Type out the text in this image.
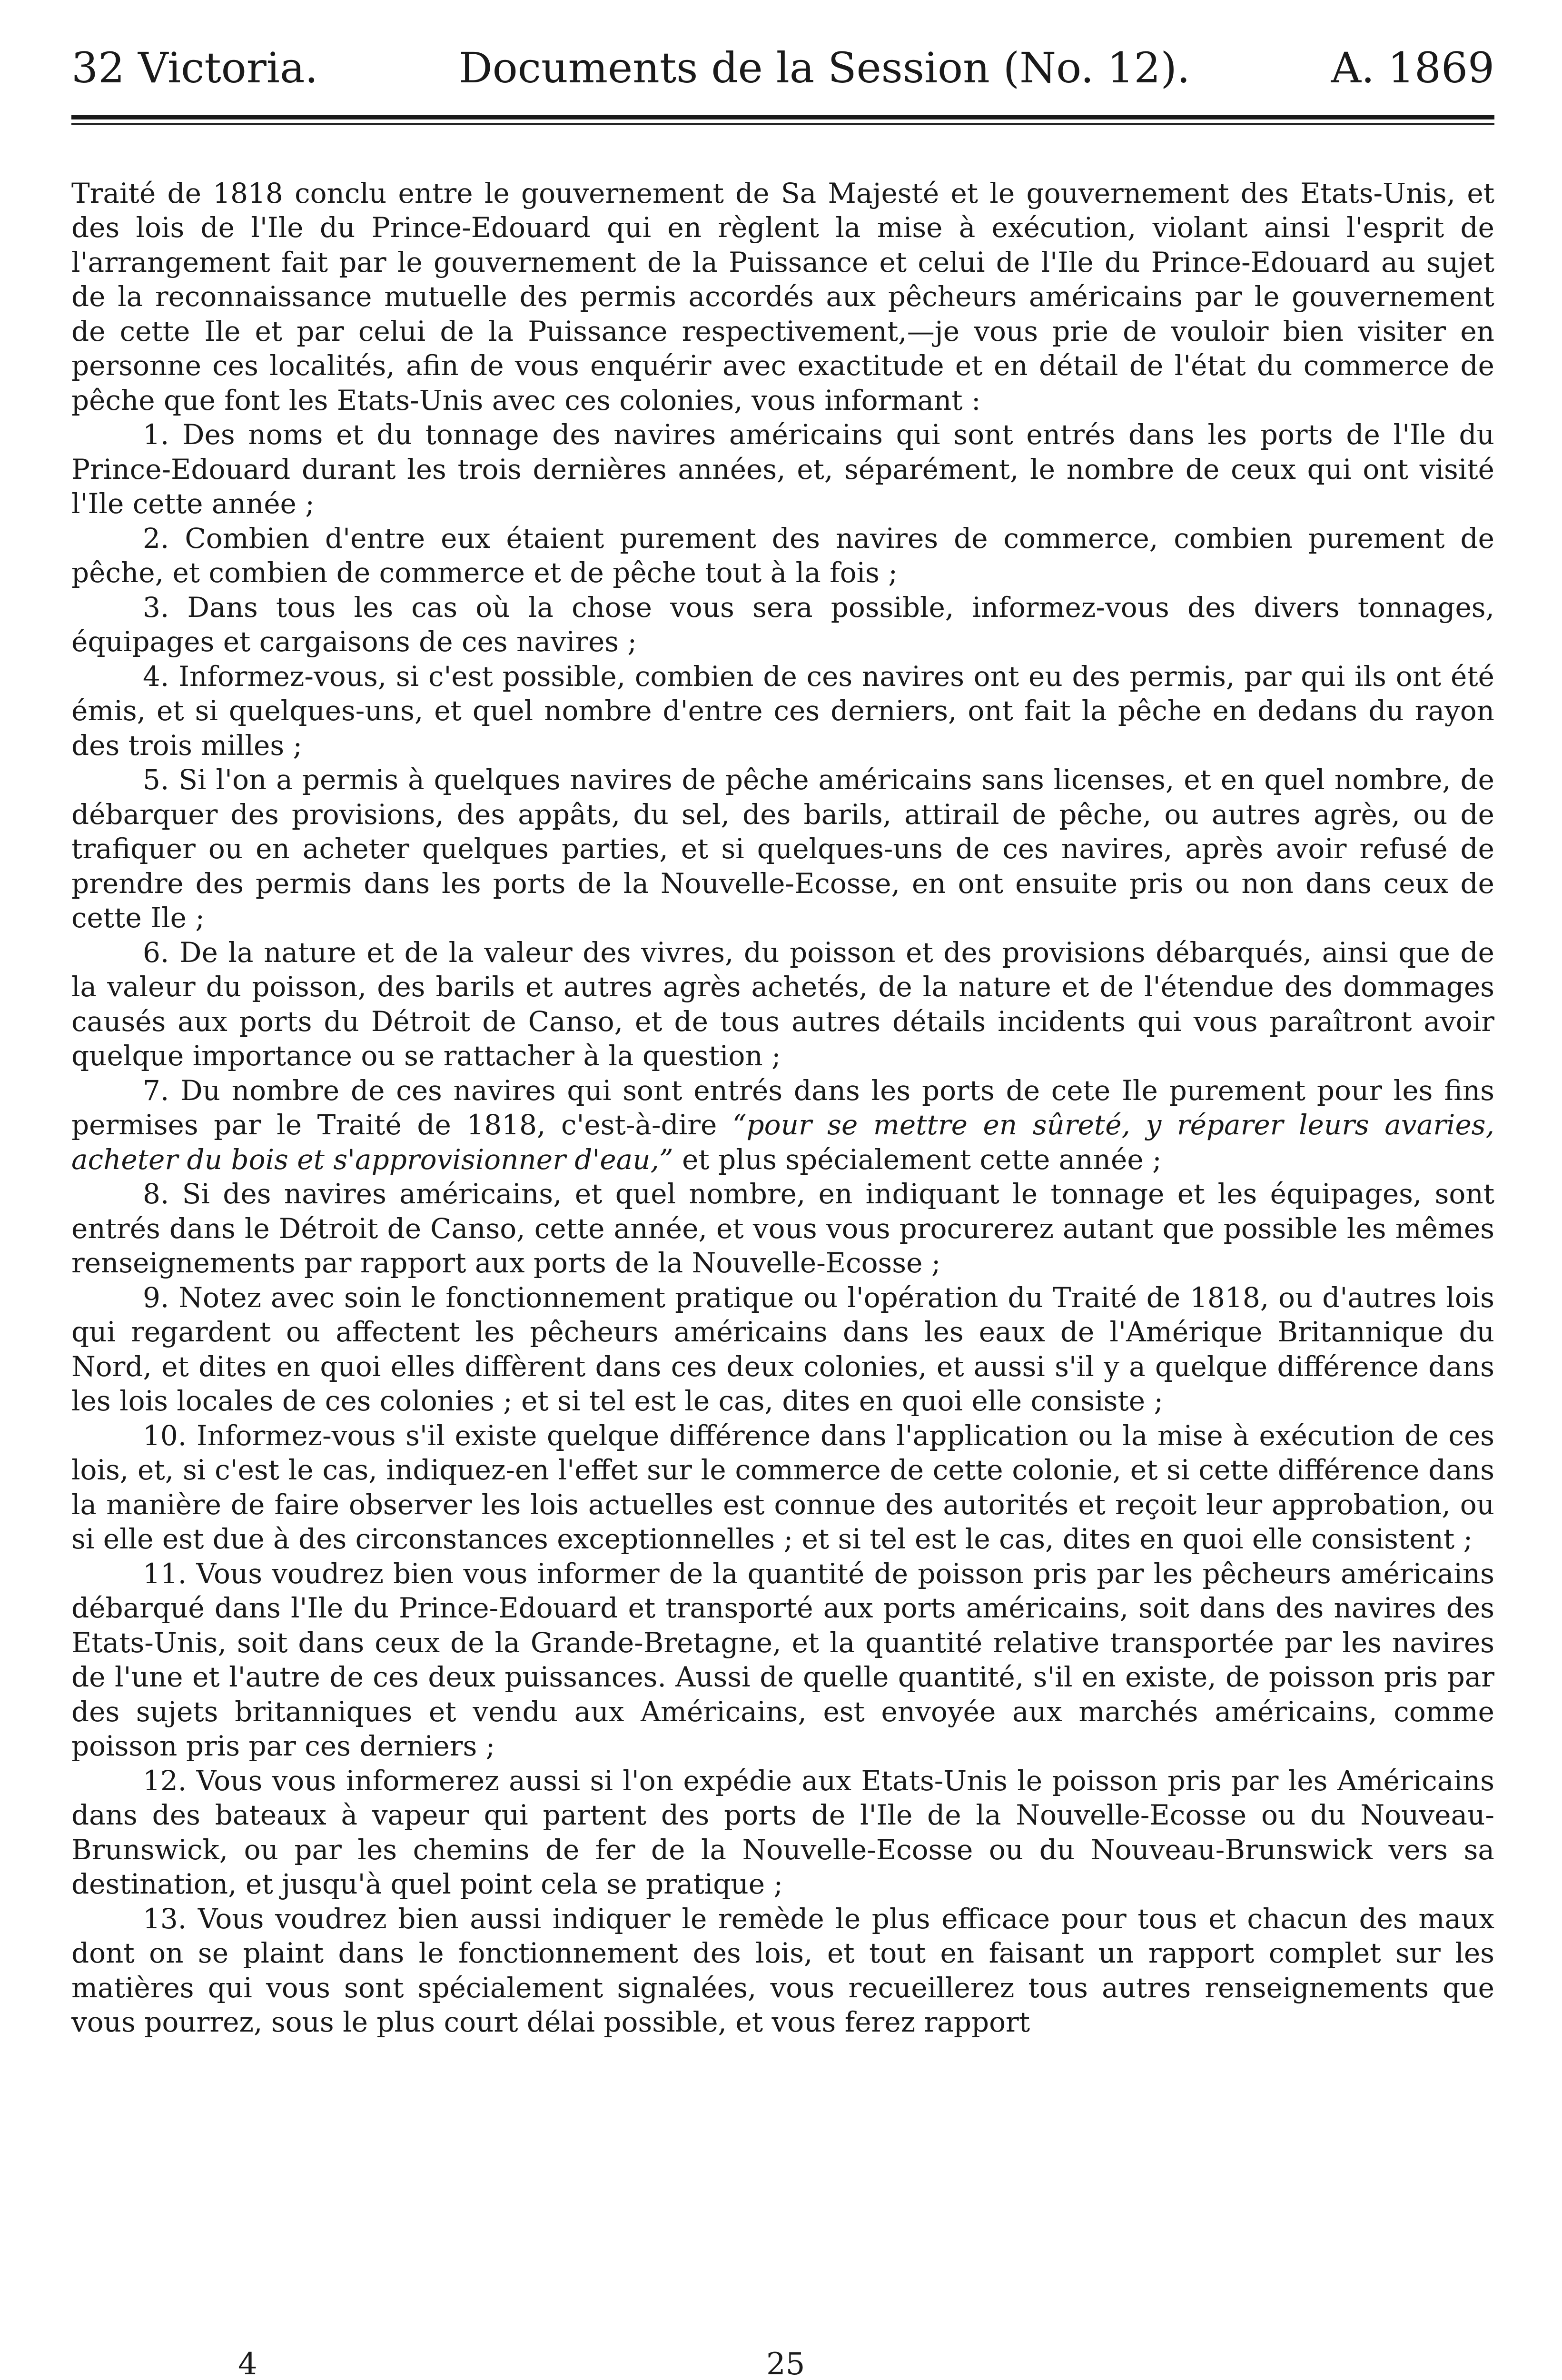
32 Victoria.	Documents de la Session (No. 12).	A. 1869

Traité de 1818 conclu entre le gouvernement de Sa Majesté et le gouvernement des Etats-Unis, et des lois de l'Ile du Prince-Edouard qui en règlent la mise à exécution, violant ainsi l'esprit de l'arrangement fait par le gouvernement de la Puissance et celui de l'Ile du Prince-Edouard au sujet de la reconnaissance mutuelle des permis accordés aux pêcheurs américains par le gouvernement de cette Ile et par celui de la Puissance respectivement,—je vous prie de vouloir bien visiter en personne ces localités, afin de vous enquérir avec exactitude et en détail de l'état du commerce de pêche que font les Etats-Unis avec ces colonies, vous informant :

1. Des noms et du tonnage des navires américains qui sont entrés dans les ports de l'Ile du Prince-Edouard durant les trois dernières années, et, séparément, le nombre de ceux qui ont visité l'Ile cette année ;

2. Combien d'entre eux étaient purement des navires de commerce, combien purement de pêche, et combien de commerce et de pêche tout à la fois ;

3. Dans tous les cas où la chose vous sera possible, informez-vous des divers tonnages, équipages et cargaisons de ces navires ;

4. Informez-vous, si c'est possible, combien de ces navires ont eu des permis, par qui ils ont été émis, et si quelques-uns, et quel nombre d'entre ces derniers, ont fait la pêche en dedans du rayon des trois milles ;

5. Si l'on a permis à quelques navires de pêche américains sans licenses, et en quel nombre, de débarquer des provisions, des appâts, du sel, des barils, attirail de pêche, ou autres agrès, ou de trafiquer ou en acheter quelques parties, et si quelques-uns de ces navires, après avoir refusé de prendre des permis dans les ports de la Nouvelle-Ecosse, en ont ensuite pris ou non dans ceux de cette Ile ;

6. De la nature et de la valeur des vivres, du poisson et des provisions débarqués, ainsi que de la valeur du poisson, des barils et autres agrès achetés, de la nature et de l'étendue des dommages causés aux ports du Détroit de Canso, et de tous autres détails incidents qui vous paraîtront avoir quelque importance ou se rattacher à la question ;

7. Du nombre de ces navires qui sont entrés dans les ports de cete Ile purement pour les fins permises par le Traité de 1818, c'est-à-dire “pour se mettre en sûreté, y réparer leurs avaries, acheter du bois et s'approvisionner d'eau,” et plus spécialement cette année ;

8. Si des navires américains, et quel nombre, en indiquant le tonnage et les équipages, sont entrés dans le Détroit de Canso, cette année, et vous vous procurerez autant que possible les mêmes renseignements par rapport aux ports de la Nouvelle-Ecosse ;

9. Notez avec soin le fonctionnement pratique ou l'opération du Traité de 1818, ou d'autres lois qui regardent ou affectent les pêcheurs américains dans les eaux de l'Amérique Britannique du Nord, et dites en quoi elles diffèrent dans ces deux colonies, et aussi s'il y a quelque différence dans les lois locales de ces colonies ; et si tel est le cas, dites en quoi elle consiste ;

10. Informez-vous s'il existe quelque différence dans l'application ou la mise à exécution de ces lois, et, si c'est le cas, indiquez-en l'effet sur le commerce de cette colonie, et si cette différence dans la manière de faire observer les lois actuelles est connue des autorités et reçoit leur approbation, ou si elle est due à des circonstances exceptionnelles ; et si tel est le cas, dites en quoi elle consistent ;

11. Vous voudrez bien vous informer de la quantité de poisson pris par les pêcheurs américains débarqué dans l'Ile du Prince-Edouard et transporté aux ports américains, soit dans des navires des Etats-Unis, soit dans ceux de la Grande-Bretagne, et la quantité relative transportée par les navires de l'une et l'autre de ces deux puissances. Aussi de quelle quantité, s'il en existe, de poisson pris par des sujets britanniques et vendu aux Américains, est envoyée aux marchés américains, comme poisson pris par ces derniers ;

12. Vous vous informerez aussi si l'on expédie aux Etats-Unis le poisson pris par les Américains dans des bateaux à vapeur qui partent des ports de l'Ile de la Nouvelle-Ecosse ou du Nouveau-Brunswick, ou par les chemins de fer de la Nouvelle-Ecosse ou du Nouveau-Brunswick vers sa destination, et jusqu'à quel point cela se pratique ;

13. Vous voudrez bien aussi indiquer le remède le plus efficace pour tous et chacun des maux dont on se plaint dans le fonctionnement des lois, et tout en faisant un rapport complet sur les matières qui vous sont spécialement signalées, vous recueillerez tous autres renseignements que vous pourrez, sous le plus court délai possible, et vous ferez rapport

4	25
